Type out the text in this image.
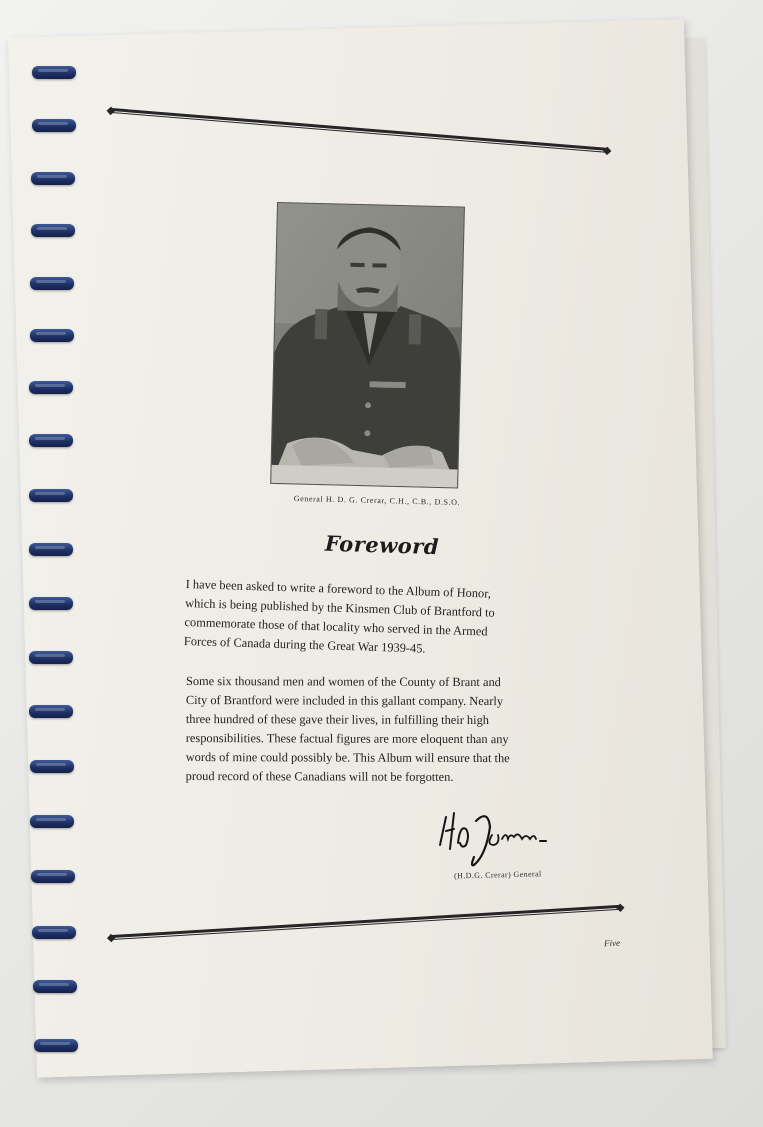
General H. D. G. Crerar, C.H., C.B., D.S.O.
Foreword
I have been asked to write a foreword to the Album of Honor,
which is being published by the Kinsmen Club of Brantford to
commemorate those of that locality who served in the Armed
Forces of Canada during the Great War 1939-45.
Some six thousand men and women of the County of Brant and
City of Brantford were included in this gallant company. Nearly
three hundred of these gave their lives, in fulfilling their high
responsibilities. These factual figures are more eloquent than any
words of mine could possibly be. This Album will ensure that the
proud record of these Canadians will not be forgotten.
(H.D.G. Crerar) General
Five
